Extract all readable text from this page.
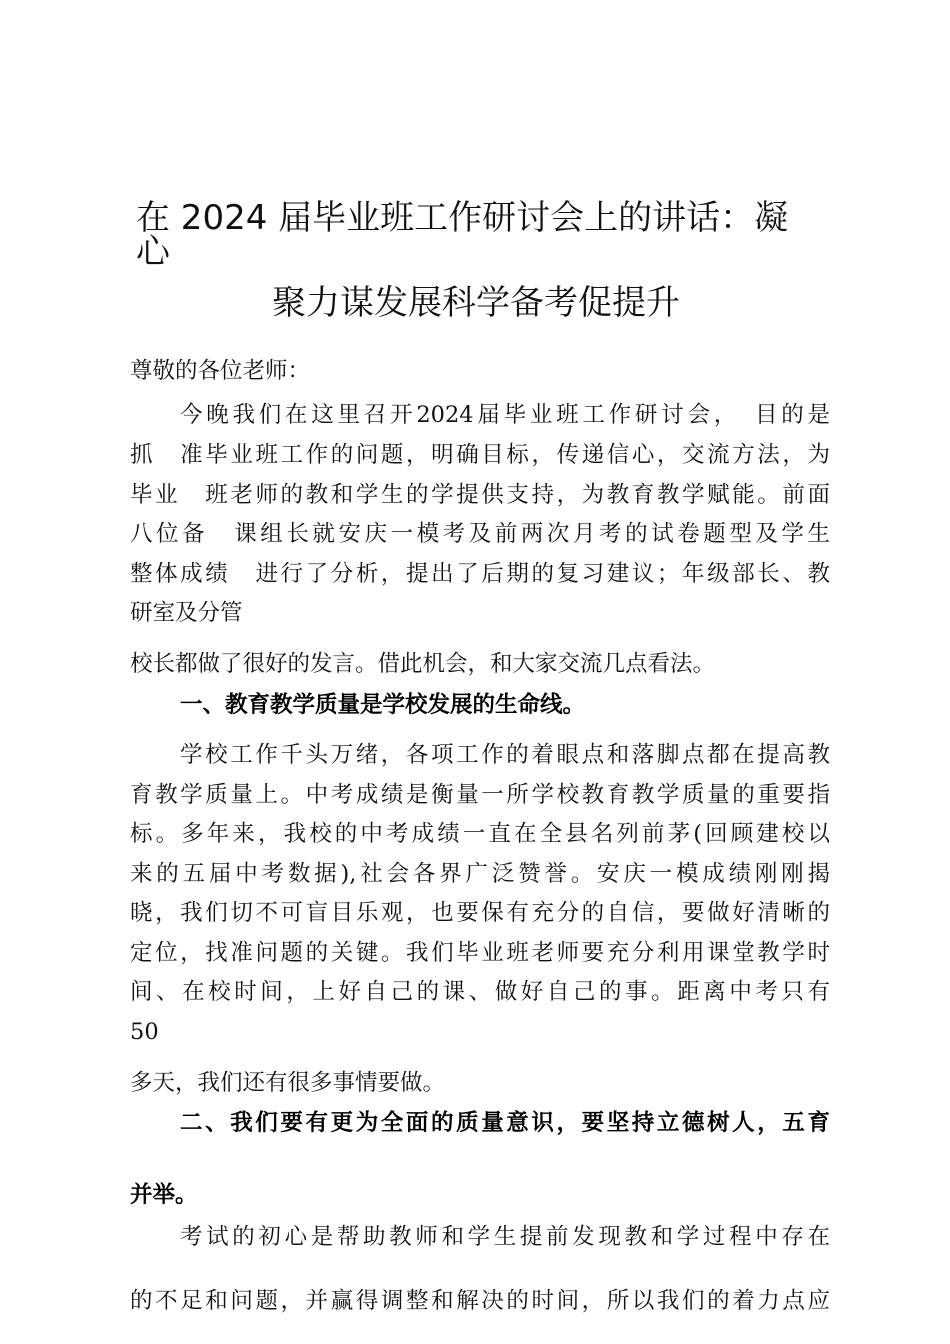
在 2024 届毕业班工作研讨会上的讲话：凝
心
聚力谋发展科学备考促提升
尊敬的各位老师：
今晚我们在这里召开2024届毕业班工作研讨会，　目的是
抓　准毕业班工作的问题，明确目标，传递信心，交流方法，为
毕业　班老师的教和学生的学提供支持，为教育教学赋能。前面
八位备　课组长就安庆一模考及前两次月考的试卷题型及学生
整体成绩　进行了分析，提出了后期的复习建议；年级部长、教
研室及分管
校长都做了很好的发言。借此机会，和大家交流几点看法。
一、教育教学质量是学校发展的生命线。
学校工作千头万绪，各项工作的着眼点和落脚点都在提高教
育教学质量上。中考成绩是衡量一所学校教育教学质量的重要指
标。多年来，我校的中考成绩一直在全县名列前茅(回顾建校以
来的五届中考数据),社会各界广泛赞誉。安庆一模成绩刚刚揭
晓，我们切不可盲目乐观，也要保有充分的自信，要做好清晰的
定位，找准问题的关键。我们毕业班老师要充分利用课堂教学时
间、在校时间，上好自己的课、做好自己的事。距离中考只有
50
多天，我们还有很多事情要做。
二、我们要有更为全面的质量意识，要坚持立德树人，五育
并举。
考试的初心是帮助教师和学生提前发现教和学过程中存在
的不足和问题，并赢得调整和解决的时间，所以我们的着力点应
